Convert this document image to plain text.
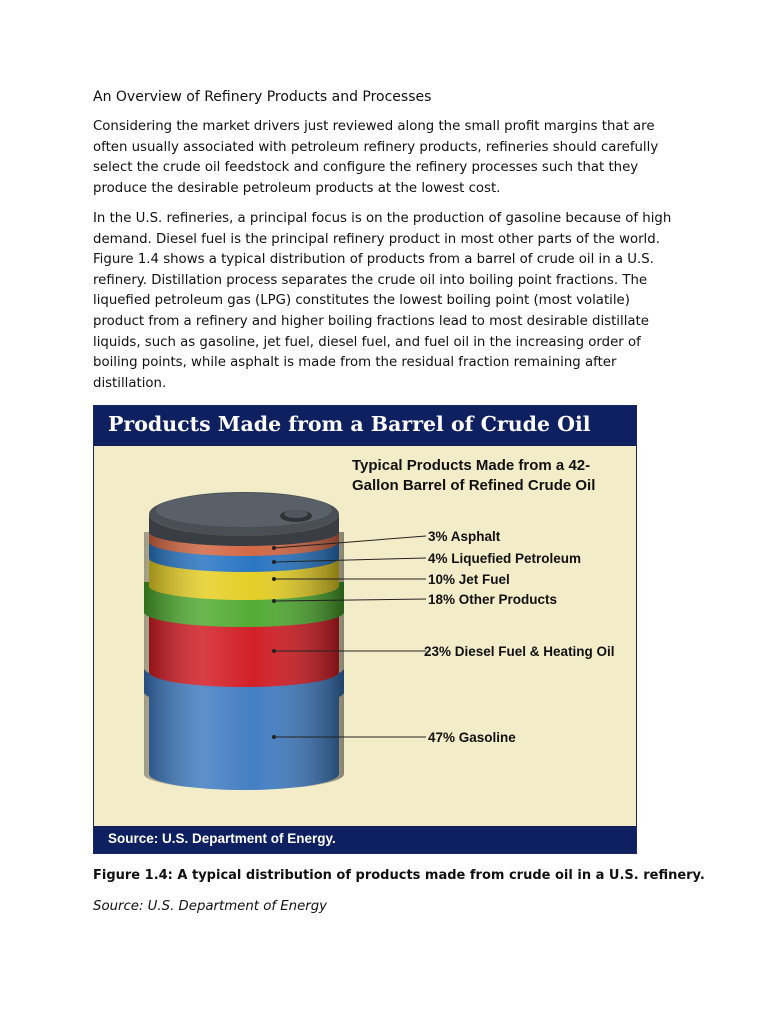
An Overview of Refinery Products and Processes

Considering the market drivers just reviewed along the small profit margins that are often usually associated with petroleum refinery products, refineries should carefully select the crude oil feedstock and configure the refinery processes such that they produce the desirable petroleum products at the lowest cost.

In the U.S. refineries, a principal focus is on the production of gasoline because of high demand. Diesel fuel is the principal refinery product in most other parts of the world. Figure 1.4 shows a typical distribution of products from a barrel of crude oil in a U.S. refinery. Distillation process separates the crude oil into boiling point fractions. The liquefied petroleum gas (LPG) constitutes the lowest boiling point (most volatile) product from a refinery and higher boiling fractions lead to most desirable distillate liquids, such as gasoline, jet fuel, diesel fuel, and fuel oil in the increasing order of boiling points, while asphalt is made from the residual fraction remaining after distillation.

Products Made from a Barrel of Crude Oil
3% Asphalt
4% Liquefied Petroleum
10% Jet Fuel
18% Other Products
23% Diesel Fuel & Heating Oil
47% Gasoline
Typical Products Made from a 42-Gallon Barrel of Refined Crude Oil
Source: U.S. Department of Energy.

Figure 1.4: A typical distribution of products made from crude oil in a U.S. refinery.

Source: U.S. Department of Energy
